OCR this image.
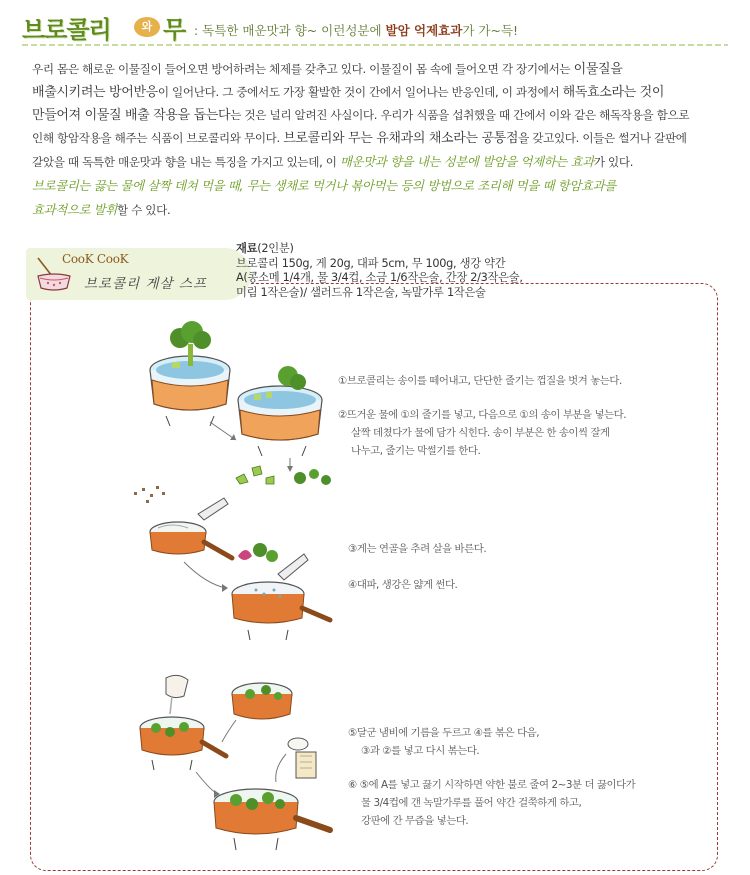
브로콜리	와 무 : 독특한 매운맛과 향~ 이런성분에 발암 억제효과가 가~득!

우리 몸은 해로운 이물질이 들어오면 방어하려는 체제를 갖추고 있다. 이물질이 몸 속에 들어오면 각 장기에서는 이물질을

배출시키려는 방어반응이 일어난다. 그 중에서도 가장 활발한 것이 간에서 일어나는 반응인데, 이 과정에서 해독효소라는 것이

만들어져 이물질 배출 작용을 돕는다는 것은 널리 알려진 사실이다. 우리가 식품을 섭취했을 때 간에서 이와 같은 해독작용을 함으로

인해 항암작용을 해주는 식품이 브로콜리와 무이다. 브로콜리와 무는 유채과의 채소라는 공통점을 갖고있다. 이들은 썰거나 갈판에

갈았을 때 독특한 매운맛과 향을 내는 특징을 가지고 있는데, 이 매운맛과 향을 내는 성분에 발암을 억제하는 효과가 있다.

브로콜리는 끓는 물에 살짝 데쳐 먹을 때, 무는 생채로 먹거나 볶아먹는 등의 방법으로 조리해 먹을 때 항암효과를

효과적으로 발휘할 수 있다.

CooK CooK
브로콜리 게살 스프
재료(2인분)
브로콜리 150g, 게 20g, 대파 5cm, 무 100g, 생강 약간
A(콩소메 1/4개, 물 3/4컵, 소금 1/6작은술, 간장 2/3작은술,
미림 1작은술)/ 샐러드유 1작은술, 녹말가루 1작은술
①브로콜리는 송이를 떼어내고, 단단한 줄기는 껍질을 벗겨 놓는다.
②뜨거운 물에 ①의 줄기를 넣고, 다음으로 ①의 송이 부분을 넣는다.
살짝 데쳤다가 물에 담가 식힌다. 송이 부분은 한 송이씩 잘게
나누고, 줄기는 막썰기를 한다.
③게는 연골을 추려 살을 바른다.
④대파, 생강은 얇게 썬다.
⑤달군 냄비에 기름을 두르고 ④를 볶은 다음,
③과 ②를 넣고 다시 볶는다.
⑥ ⑤에 A를 넣고 끓기 시작하면 약한 불로 줄여 2~3분 더 끓이다가
물 3/4컵에 갠 녹말가루를 풀어 약간 걸쭉하게 하고,
강판에 간 무즙을 넣는다.
